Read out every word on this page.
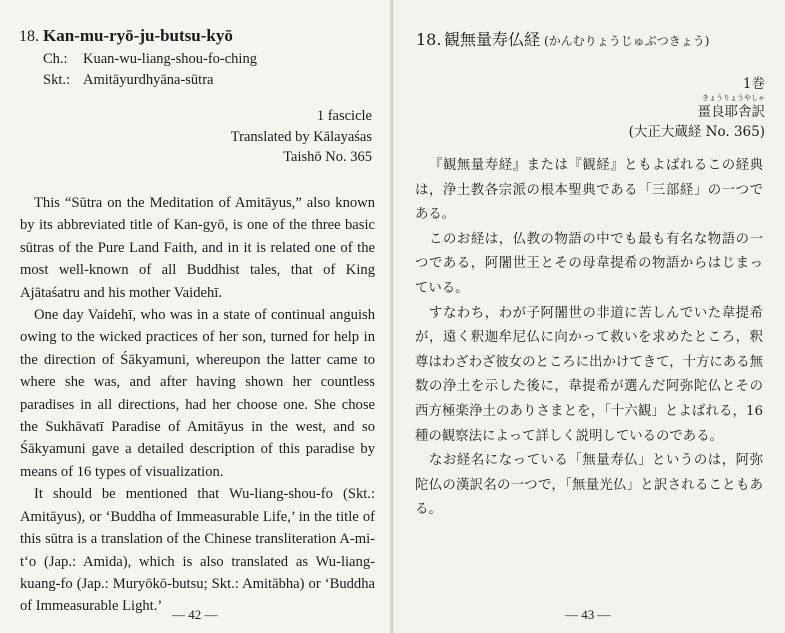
18. Kan-mu-ryō-ju-butsu-kyō
Ch.: Kuan-wu-liang-shou-fo-ching
Skt.: Amitāyurdhyāna-sūtra
1 fascicle
Translated by Kālayaśas
Taishō No. 365

This “Sūtra on the Meditation of Amitāyus,” also known by its abbreviated title of Kan-gyō, is one of the three basic sūtras of the Pure Land Faith, and in it is related one of the most well-known of all Buddhist tales, that of King Ajātaśatru and his mother Vaidehī.

One day Vaidehī, who was in a state of continual anguish owing to the wicked practices of her son, turned for help in the direction of Śākyamuni, whereupon the latter came to where she was, and after having shown her countless paradises in all directions, had her choose one. She chose the Sukhāvatī Paradise of Amitāyus in the west, and so Śākyamuni gave a detailed description of this paradise by means of 16 types of visualization.

It should be mentioned that Wu-liang-shou-fo (Skt.: Amitāyus), or ‘Buddha of Immeasurable Life,’ in the title of this sūtra is a translation of the Chinese transliteration A-mi-t‘o (Jap.: Amida), which is also translated as Wu-liang-kuang-fo (Jap.: Muryōkō-butsu; Skt.: Amitābha) or ‘Buddha of Immeasurable Light.’

— 42 —
18. 観無量寿仏経 (かんむりょうじゅぶつきょう)
1巻
きょうりょうやしゃ
畺良耶舎訳
(大正大蔵経 No. 365)

『観無量寿経』または『観経』ともよばれるこの経典は，浄土教各宗派の根本聖典である「三部経」の一つである。

このお経は，仏教の物語の中でも最も有名な物語の一つである，阿闍世王とその母韋提希の物語からはじまっている。

すなわち，わが子阿闍世の非道に苦しんでいた韋提希が，遠く釈迦牟尼仏に向かって救いを求めたところ，釈尊はわざわざ彼女のところに出かけてきて，十方にある無数の浄土を示した後に，韋提希が選んだ阿弥陀仏とその西方極楽浄土のありさまとを，「十六観」とよばれる，16種の観察法によって詳しく説明しているのである。

なお経名になっている「無量寿仏」というのは，阿弥陀仏の漢訳名の一つで，「無量光仏」と訳されることもある。

— 43 —
